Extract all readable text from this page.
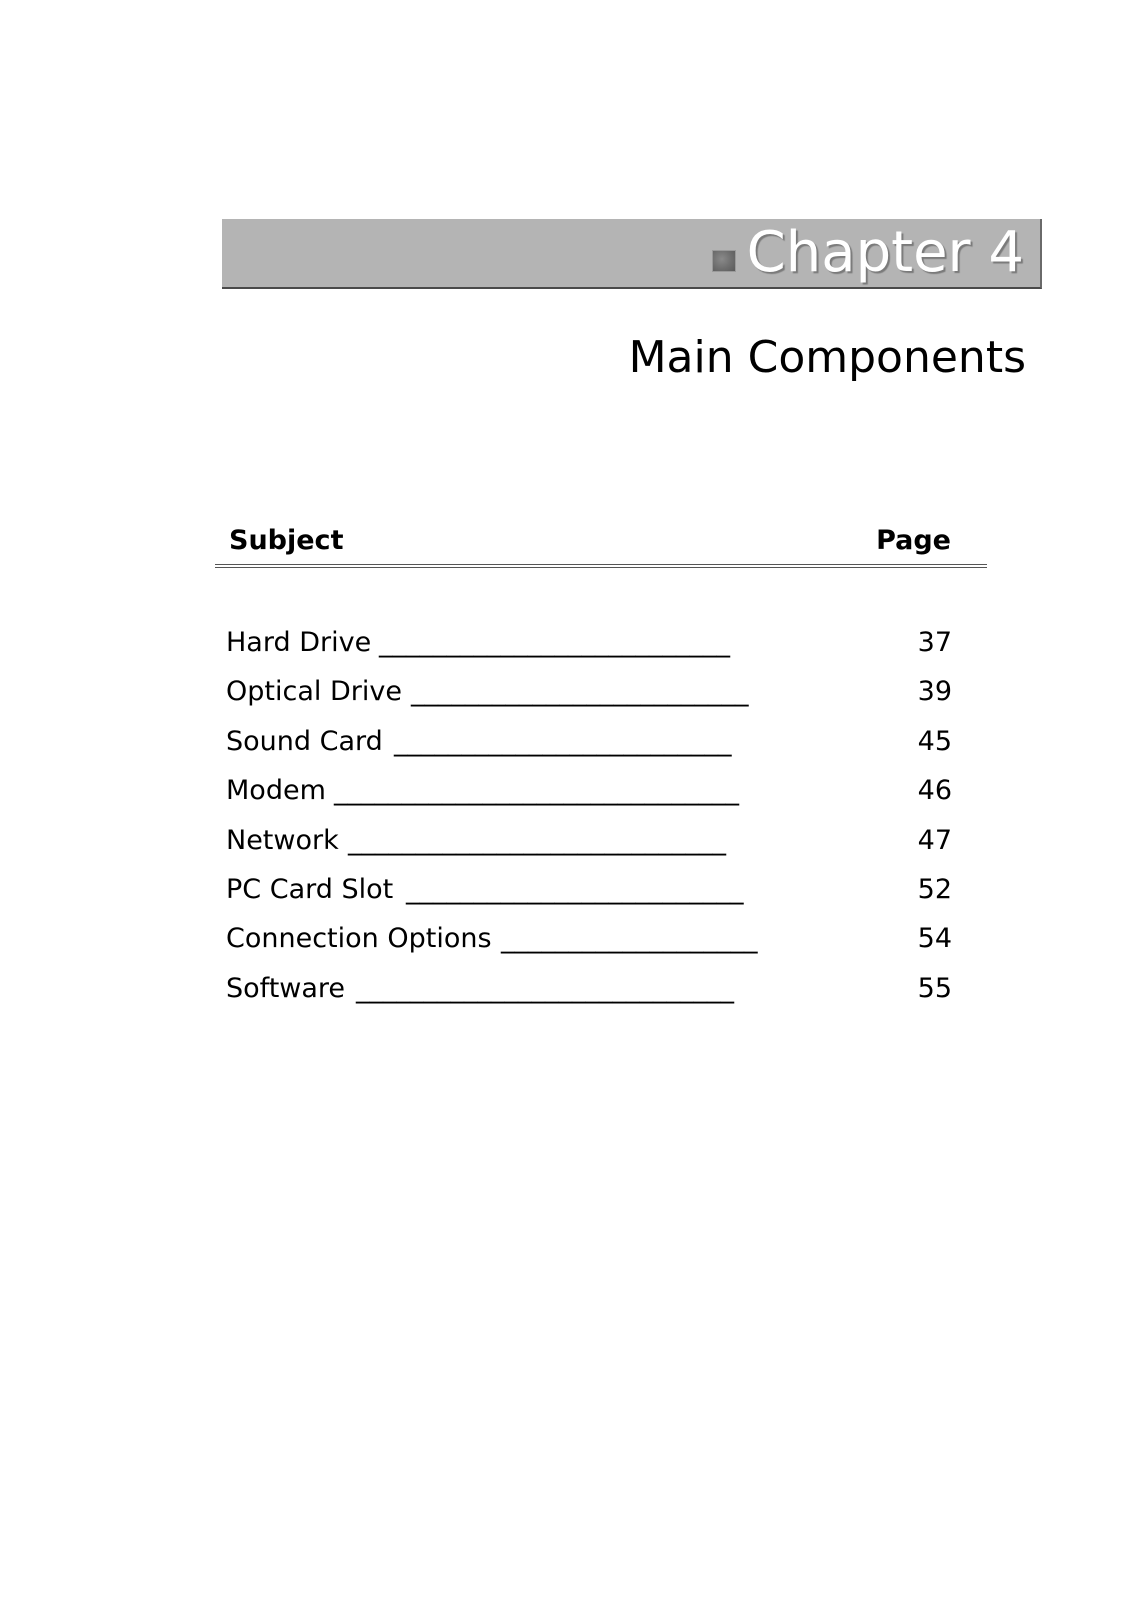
Chapter 4
Main Components
Subject	Page
Hard Drive __________________________	37
Optical Drive _________________________	39
Sound Card _________________________	45
Modem ______________________________	46
Network ____________________________	47
PC Card Slot _________________________	52
Connection Options ___________________	54
Software ____________________________	55
